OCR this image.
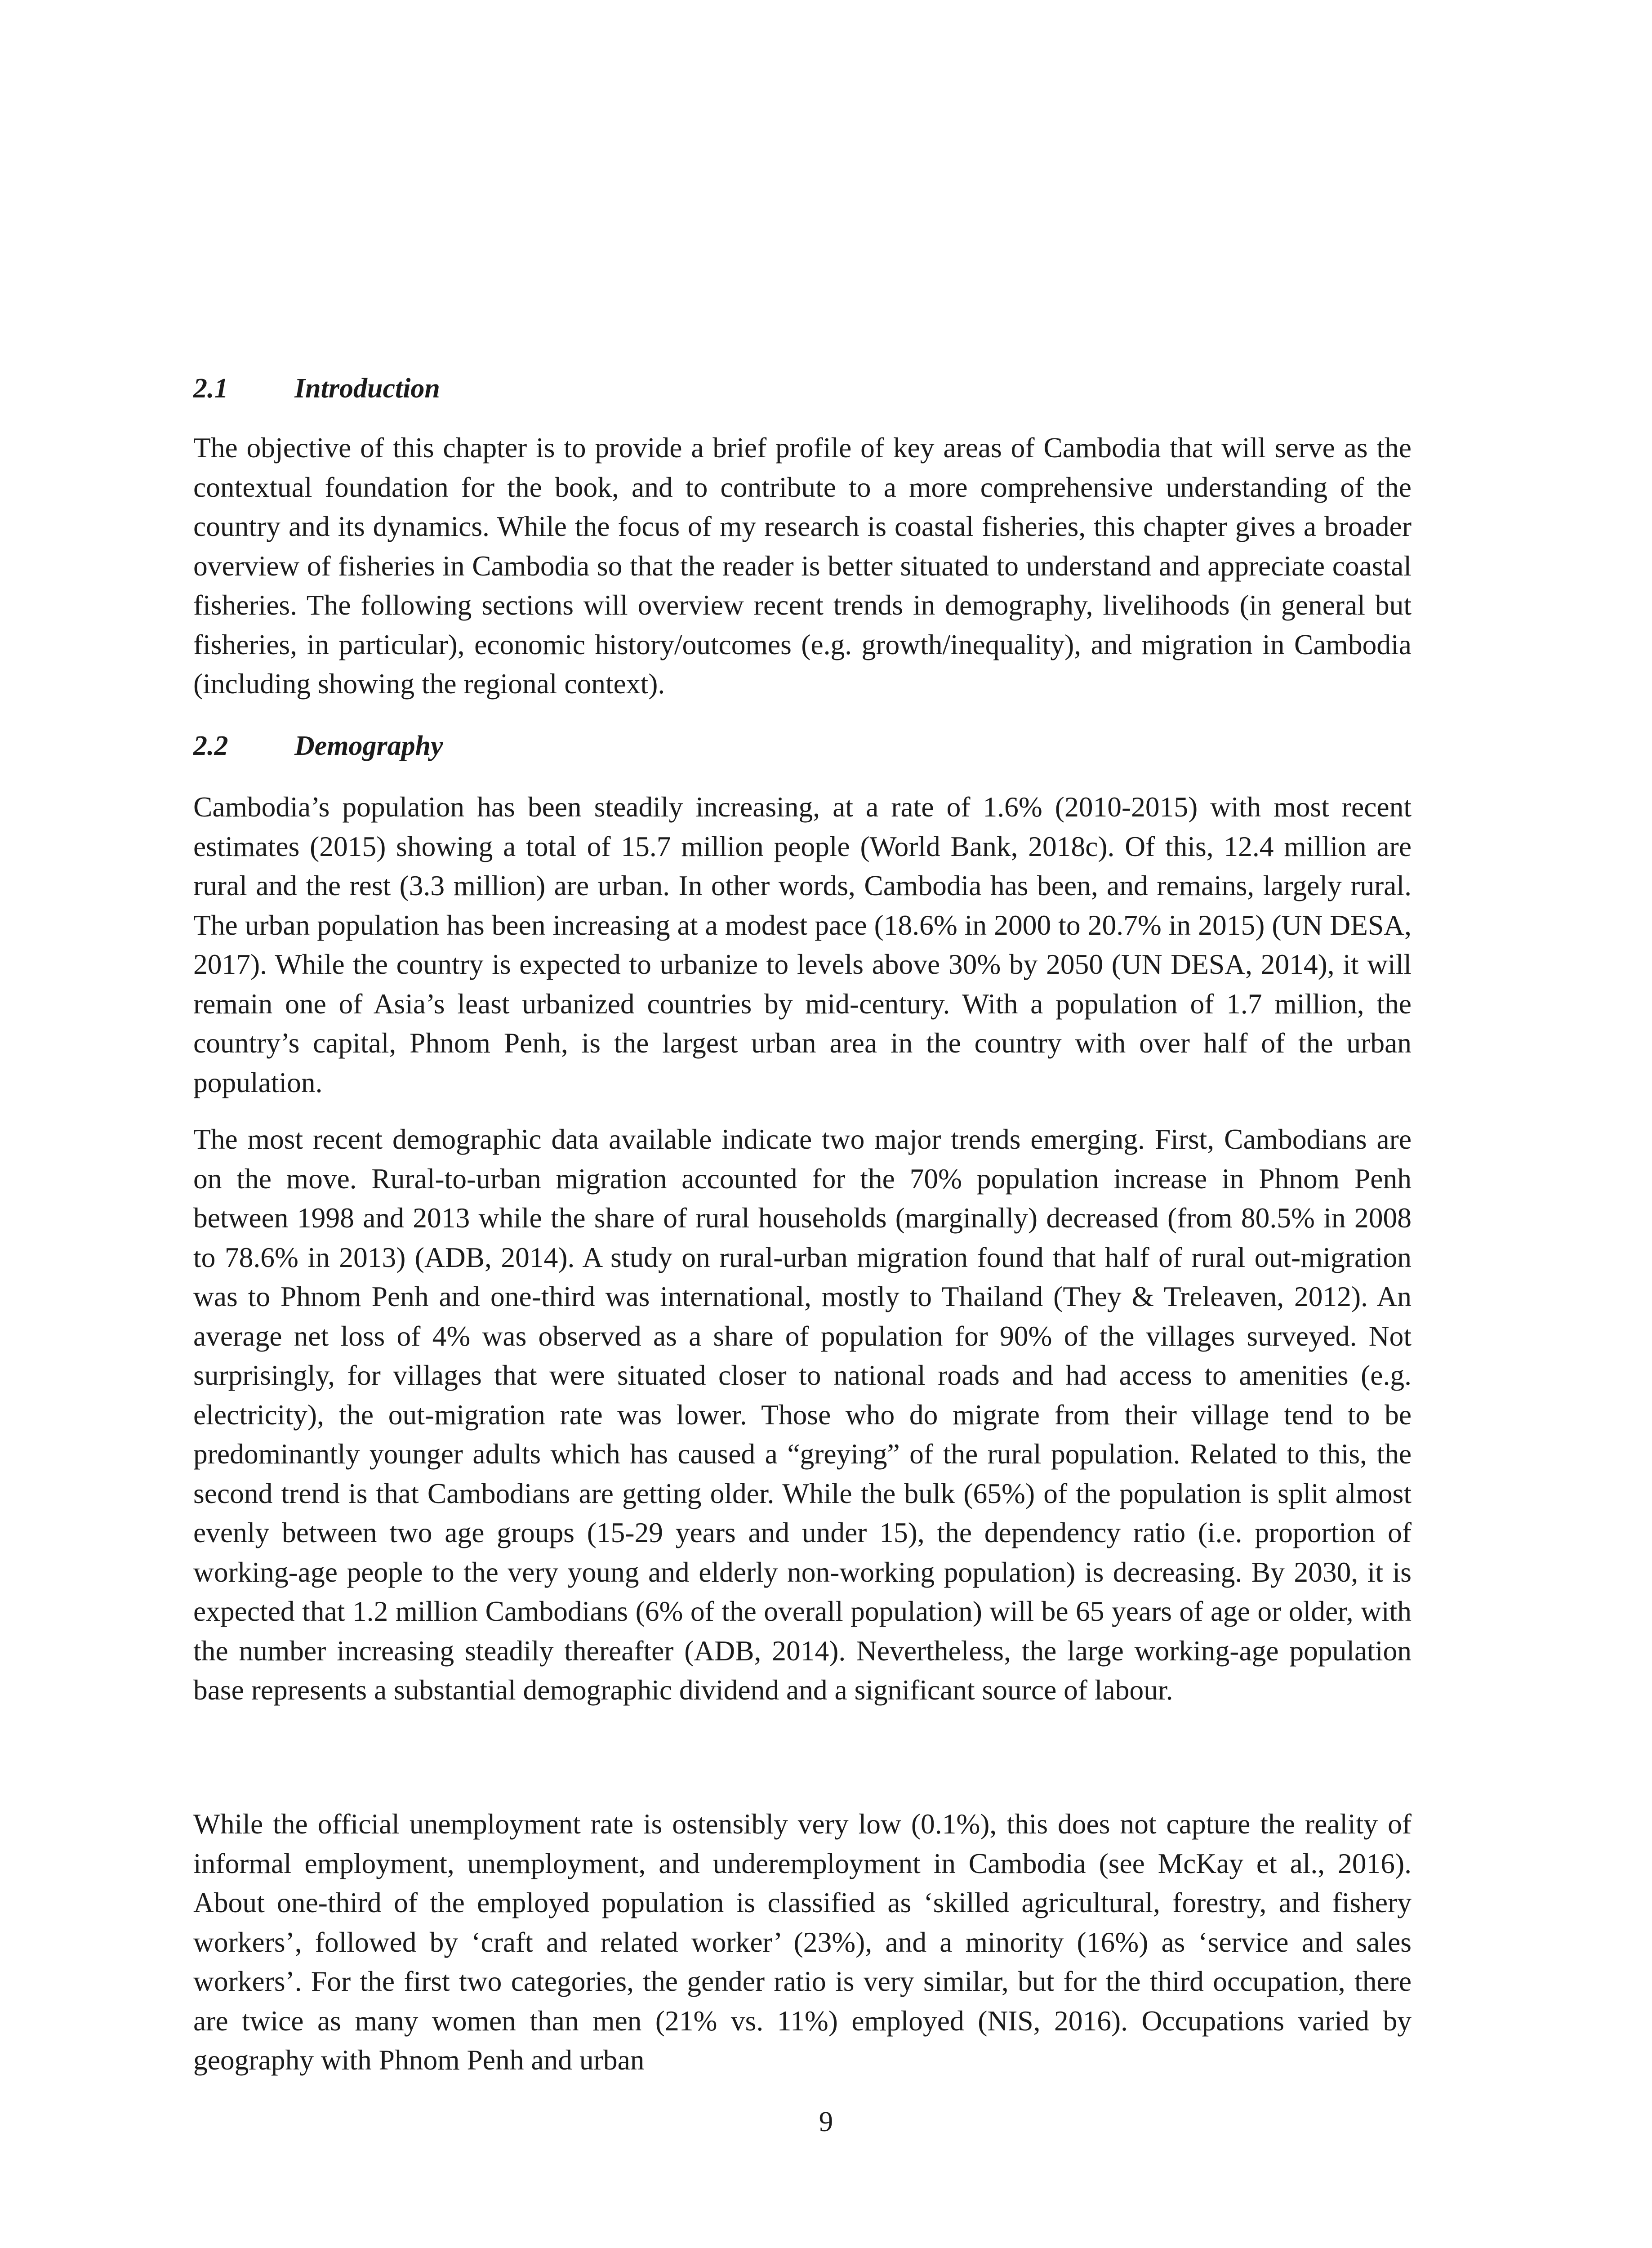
2.1 Introduction

The objective of this chapter is to provide a brief profile of key areas of Cambodia that will serve as the contextual foundation for the book, and to contribute to a more comprehensive understanding of the country and its dynamics. While the focus of my research is coastal fisheries, this chapter gives a broader overview of fisheries in Cambodia so that the reader is better situated to understand and appreciate coastal fisheries. The following sections will overview recent trends in demography, livelihoods (in general but fisheries, in particular), economic history/outcomes (e.g. growth/inequality), and migration in Cambodia (including showing the regional context).

2.2 Demography

Cambodia’s population has been steadily increasing, at a rate of 1.6% (2010-2015) with most recent estimates (2015) showing a total of 15.7 million people (World Bank, 2018c). Of this, 12.4 million are rural and the rest (3.3 million) are urban. In other words, Cambodia has been, and remains, largely rural. The urban population has been increasing at a modest pace (18.6% in 2000 to 20.7% in 2015) (UN DESA, 2017). While the country is expected to urbanize to levels above 30% by 2050 (UN DESA, 2014), it will remain one of Asia’s least urbanized countries by mid-century. With a population of 1.7 million, the country’s capital, Phnom Penh, is the largest urban area in the country with over half of the urban population.

The most recent demographic data available indicate two major trends emerging. First, Cambodians are on the move. Rural-to-urban migration accounted for the 70% population increase in Phnom Penh between 1998 and 2013 while the share of rural households (marginally) decreased (from 80.5% in 2008 to 78.6% in 2013) (ADB, 2014). A study on rural-urban migration found that half of rural out-migration was to Phnom Penh and one-third was international, mostly to Thailand (They & Treleaven, 2012). An average net loss of 4% was observed as a share of population for 90% of the villages surveyed. Not surprisingly, for villages that were situated closer to national roads and had access to amenities (e.g. electricity), the out-migration rate was lower. Those who do migrate from their village tend to be predominantly younger adults which has caused a “greying” of the rural population. Related to this, the second trend is that Cambodians are getting older. While the bulk (65%) of the population is split almost evenly between two age groups (15-29 years and under 15), the dependency ratio (i.e. proportion of working-age people to the very young and elderly non-working population) is decreasing. By 2030, it is expected that 1.2 million Cambodians (6% of the overall population) will be 65 years of age or older, with the number increasing steadily thereafter (ADB, 2014). Nevertheless, the large working-age population base represents a substantial demographic dividend and a significant source of labour.

While the official unemployment rate is ostensibly very low (0.1%), this does not capture the reality of informal employment, unemployment, and underemployment in Cambodia (see McKay et al., 2016). About one-third of the employed population is classified as ‘skilled agricultural, forestry, and fishery workers’, followed by ‘craft and related worker’ (23%), and a minority (16%) as ‘service and sales workers’. For the first two categories, the gender ratio is very similar, but for the third occupation, there are twice as many women than men (21% vs. 11%) employed (NIS, 2016). Occupations varied by geography with Phnom Penh and urban

9
